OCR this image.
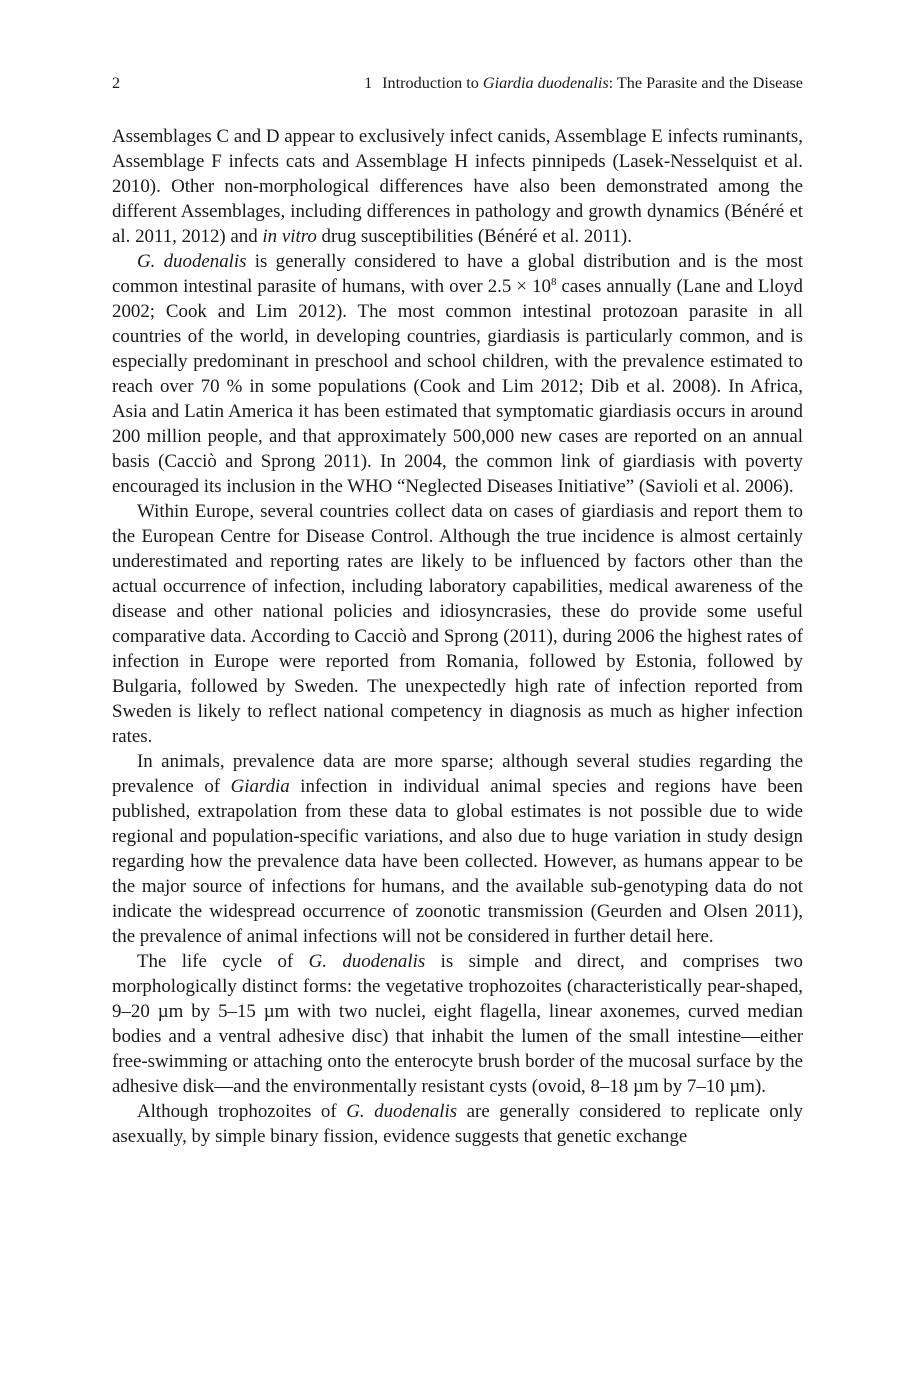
2	1 Introduction to Giardia duodenalis: The Parasite and the Disease

Assemblages C and D appear to exclusively infect canids, Assemblage E infects ruminants, Assemblage F infects cats and Assemblage H infects pinnipeds (Lasek-Nesselquist et al. 2010). Other non-morphological differences have also been demonstrated among the different Assemblages, including differences in pathology and growth dynamics (Bénéré et al. 2011, 2012) and in vitro drug susceptibilities (Bénéré et al. 2011).

G. duodenalis is generally considered to have a global distribution and is the most common intestinal parasite of humans, with over $2.5 \times 10^8$ cases annually (Lane and Lloyd 2002; Cook and Lim 2012). The most common intestinal protozoan parasite in all countries of the world, in developing countries, giardiasis is particularly common, and is especially predominant in preschool and school children, with the prevalence estimated to reach over 70 % in some populations (Cook and Lim 2012; Dib et al. 2008). In Africa, Asia and Latin America it has been estimated that symptomatic giardiasis occurs in around 200 million people, and that approximately 500,000 new cases are reported on an annual basis (Cacciò and Sprong 2011). In 2004, the common link of giardiasis with poverty encouraged its inclusion in the WHO “Neglected Diseases Initiative” (Savioli et al. 2006).

Within Europe, several countries collect data on cases of giardiasis and report them to the European Centre for Disease Control. Although the true incidence is almost certainly underestimated and reporting rates are likely to be influenced by factors other than the actual occurrence of infection, including laboratory capabilities, medical awareness of the disease and other national policies and idiosyncrasies, these do provide some useful comparative data. According to Cacciò and Sprong (2011), during 2006 the highest rates of infection in Europe were reported from Romania, followed by Estonia, followed by Bulgaria, followed by Sweden. The unexpectedly high rate of infection reported from Sweden is likely to reflect national competency in diagnosis as much as higher infection rates.

In animals, prevalence data are more sparse; although several studies regarding the prevalence of Giardia infection in individual animal species and regions have been published, extrapolation from these data to global estimates is not possible due to wide regional and population-specific variations, and also due to huge variation in study design regarding how the prevalence data have been collected. However, as humans appear to be the major source of infections for humans, and the available sub-genotyping data do not indicate the widespread occurrence of zoonotic transmission (Geurden and Olsen 2011), the prevalence of animal infections will not be considered in further detail here.

The life cycle of G. duodenalis is simple and direct, and comprises two morphologically distinct forms: the vegetative trophozoites (characteristically pear-shaped, 9–20 µm by 5–15 µm with two nuclei, eight flagella, linear axonemes, curved median bodies and a ventral adhesive disc) that inhabit the lumen of the small intestine—either free-swimming or attaching onto the enterocyte brush border of the mucosal surface by the adhesive disk—and the environmentally resistant cysts (ovoid, 8–18 µm by 7–10 µm).

Although trophozoites of G. duodenalis are generally considered to replicate only asexually, by simple binary fission, evidence suggests that genetic exchange
